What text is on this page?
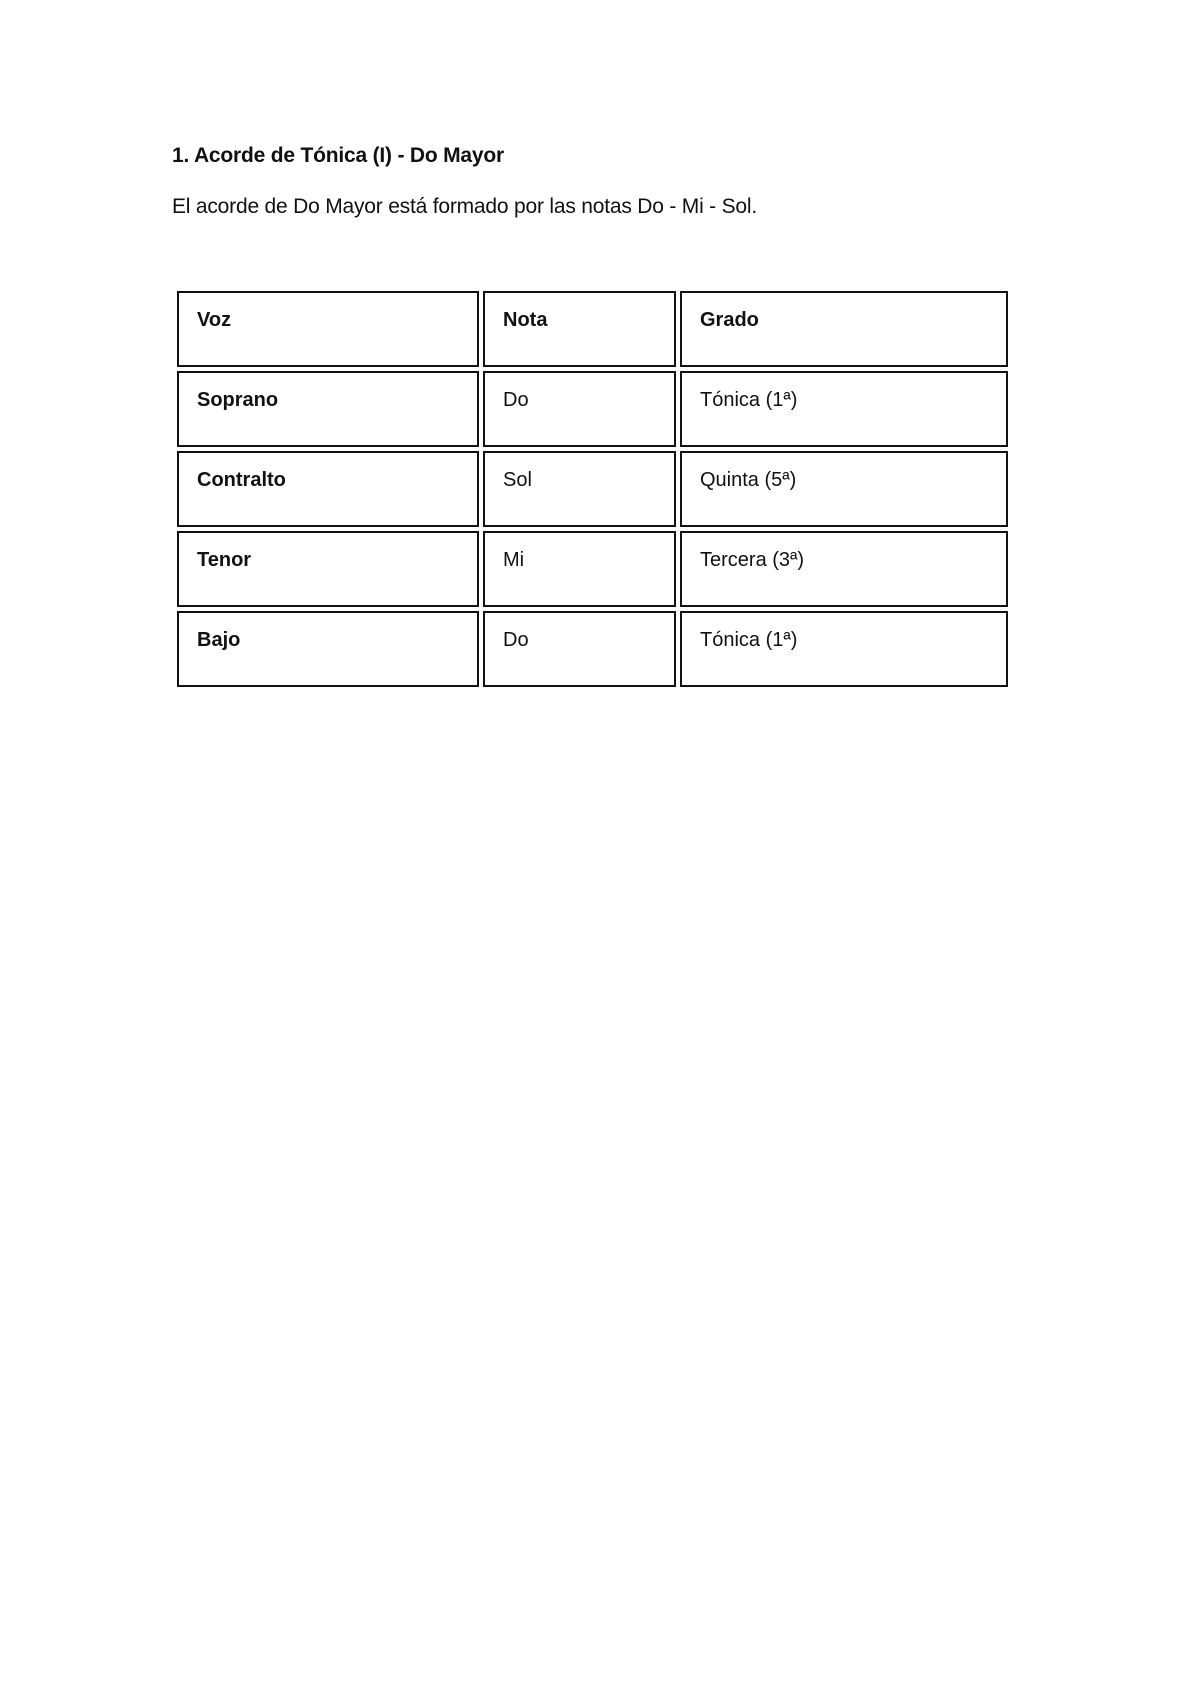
1. Acorde de Tónica (I) - Do Mayor
El acorde de Do Mayor está formado por las notas Do - Mi - Sol.
Voz	Nota	Grado
Soprano	Do	Tónica (1ª)
Contralto	Sol	Quinta (5ª)
Tenor	Mi	Tercera (3ª)
Bajo	Do	Tónica (1ª)
